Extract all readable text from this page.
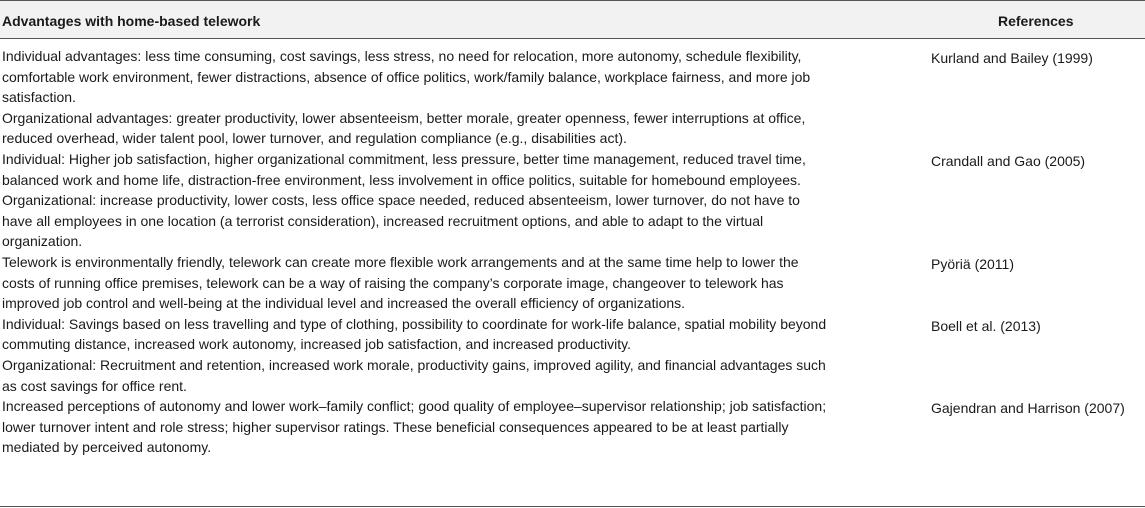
Advantages with home-based telework	References

Individual advantages: less time consuming, cost savings, less stress, no need for relocation, more autonomy, schedule flexibility, comfortable work environment, fewer distractions, absence of office politics, work/family balance, workplace fairness, and more job satisfaction.

Organizational advantages: greater productivity, lower absenteeism, better morale, greater openness, fewer interruptions at office, reduced overhead, wider talent pool, lower turnover, and regulation compliance (e.g., disabilities act).

Kurland and Bailey (1999)

Individual: Higher job satisfaction, higher organizational commitment, less pressure, better time management, reduced travel time, balanced work and home life, distraction-free environment, less involvement in office politics, suitable for homebound employees.

Organizational: increase productivity, lower costs, less office space needed, reduced absenteeism, lower turnover, do not have to have all employees in one location (a terrorist consideration), increased recruitment options, and able to adapt to the virtual organization.

Crandall and Gao (2005)

Telework is environmentally friendly, telework can create more flexible work arrangements and at the same time help to lower the costs of running office premises, telework can be a way of raising the company’s corporate image, changeover to telework has improved job control and well-being at the individual level and increased the overall efficiency of organizations.

Pyöriä (2011)

Individual: Savings based on less travelling and type of clothing, possibility to coordinate for work-life balance, spatial mobility beyond commuting distance, increased work autonomy, increased job satisfaction, and increased productivity.

Organizational: Recruitment and retention, increased work morale, productivity gains, improved agility, and financial advantages such as cost savings for office rent.

Boell et al. (2013)

Increased perceptions of autonomy and lower work–family conflict; good quality of employee–supervisor relationship; job satisfaction; lower turnover intent and role stress; higher supervisor ratings. These beneficial consequences appeared to be at least partially mediated by perceived autonomy.

Gajendran and Harrison (2007)
